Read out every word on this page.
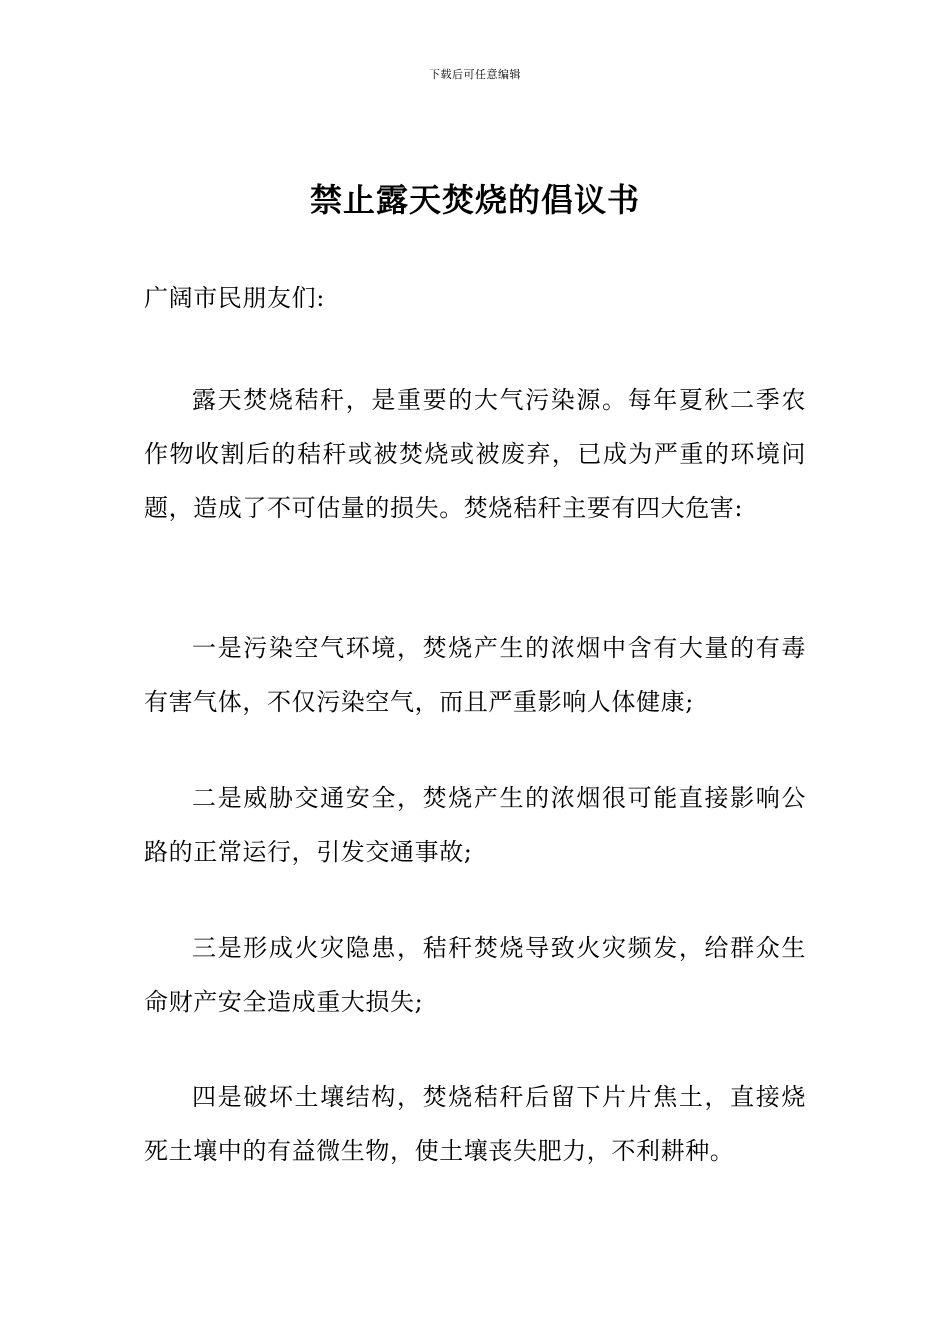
下载后可任意编辑
禁止露天焚烧的倡议书
广阔市民朋友们:

露天焚烧秸秆，是重要的大气污染源。每年夏秋二季农作物收割后的秸秆或被焚烧或被废弃，已成为严重的环境问题，造成了不可估量的损失。焚烧秸秆主要有四大危害:

一是污染空气环境，焚烧产生的浓烟中含有大量的有毒有害气体，不仅污染空气，而且严重影响人体健康;

二是威胁交通安全，焚烧产生的浓烟很可能直接影响公路的正常运行，引发交通事故;

三是形成火灾隐患，秸秆焚烧导致火灾频发，给群众生命财产安全造成重大损失;

四是破坏土壤结构，焚烧秸秆后留下片片焦土，直接烧死土壤中的有益微生物，使土壤丧失肥力，不利耕种。
